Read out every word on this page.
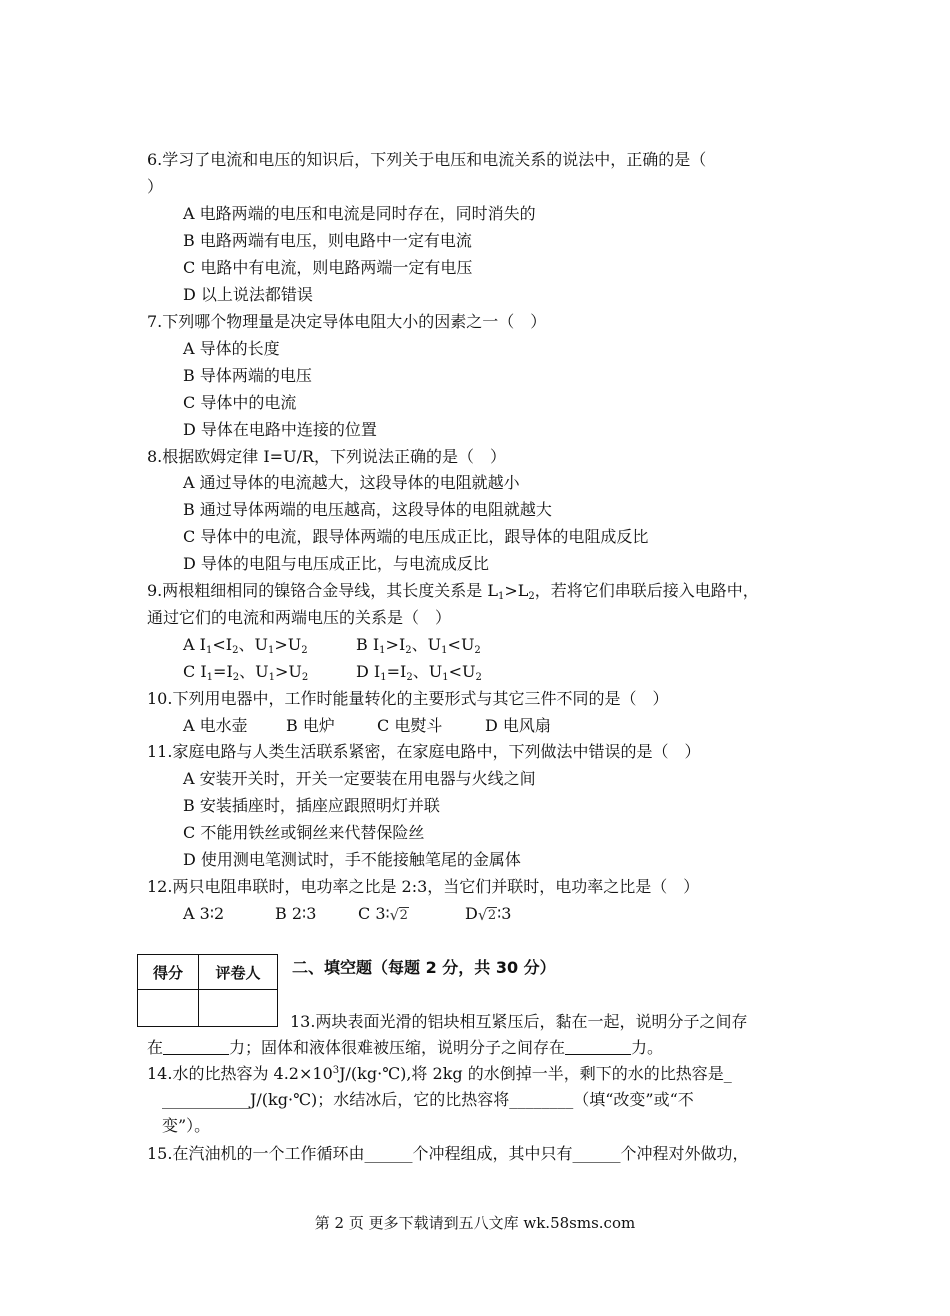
6.学习了电流和电压的知识后，下列关于电压和电流关系的说法中，正确的是（
）
A 电路两端的电压和电流是同时存在，同时消失的
B 电路两端有电压，则电路中一定有电流
C 电路中有电流，则电路两端一定有电压
D 以上说法都错误
7.下列哪个物理量是决定导体电阻大小的因素之一（　）
A 导体的长度
B 导体两端的电压
C 导体中的电流
D 导体在电路中连接的位置
8.根据欧姆定律 I=U/R，下列说法正确的是（　）
A 通过导体的电流越大，这段导体的电阻就越小
B 通过导体两端的电压越高，这段导体的电阻就越大
C 导体中的电流，跟导体两端的电压成正比，跟导体的电阻成反比
D 导体的电阻与电压成正比，与电流成反比
9.两根粗细相同的镍铬合金导线，其长度关系是 $L_1>L_2$，若将它们串联后接入电路中，
通过它们的电流和两端电压的关系是（　）
A $I_1<I_2$、$U_1>U_2$	B $I_1>I_2$、$U_1<U_2$
C $I_1=I_2$、$U_1>U_2$	D $I_1=I_2$、$U_1<U_2$
10.下列用电器中，工作时能量转化的主要形式与其它三件不同的是（　）
A 电水壶 B 电炉	C 电熨斗	D 电风扇
11.家庭电路与人类生活联系紧密，在家庭电路中，下列做法中错误的是（　）
A 安装开关时，开关一定要装在用电器与火线之间
B 安装插座时，插座应跟照明灯并联
C 不能用铁丝或铜丝来代替保险丝
D 使用测电笔测试时，手不能接触笔尾的金属体
12.两只电阻串联时，电功率之比是 2:3，当它们并联时，电功率之比是（　）
A 3∶2	B 2∶3	C 3∶ √ 2	D √ 2∶3
得分	评卷人
	二、填空题（每题 2 分，共 30 分）
13.两块表面光滑的铝块相互紧压后，黏在一起，说明分子之间存
在	力；固体和液体很难被压缩，说明分子之间存在	力。
14.水的比热容为 $4.2\times 10^3J/(kg\cdot℃)$,将 2kg 的水倒掉一半，剩下的水的比热容是_
___________J/(kg·℃)；水结冰后，它的比热容将________（填“改变”或“不
变”）。
15.在汽油机的一个工作循环由______个冲程组成，其中只有______个冲程对外做功，
第 2 页 更多下载请到五八文库 wk.58sms.com
